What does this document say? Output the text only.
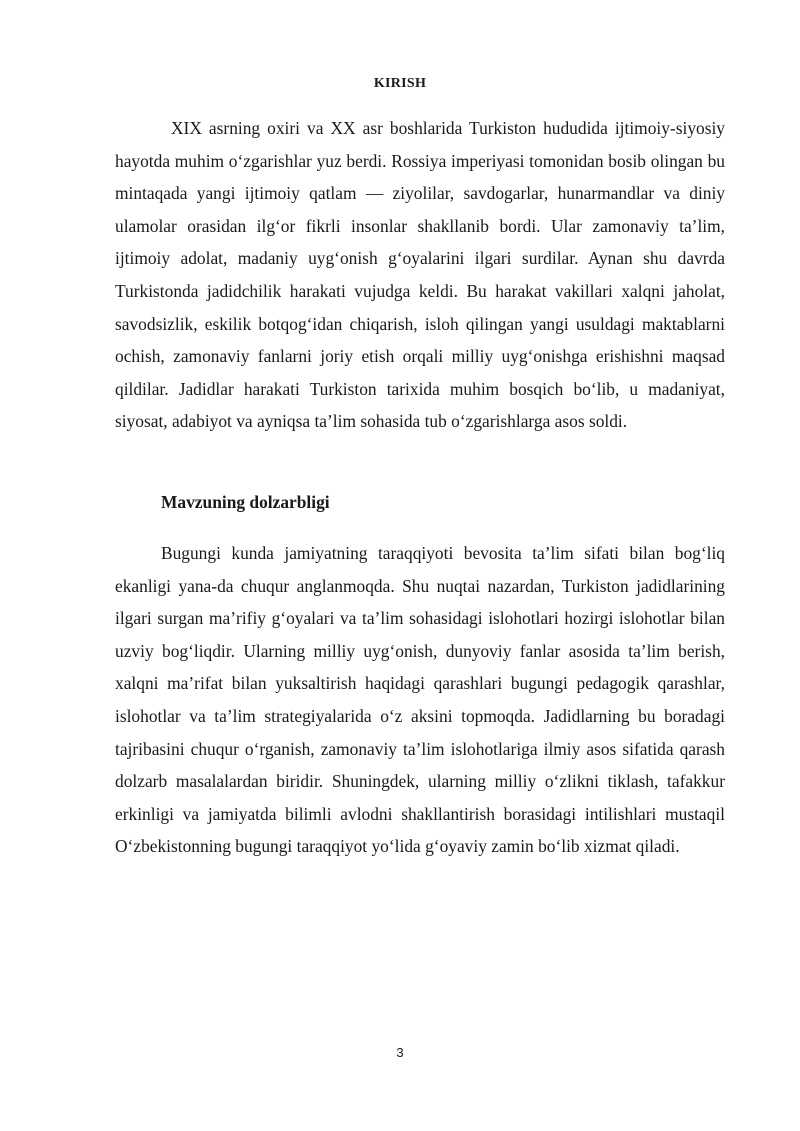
KIRISH

XIX asrning oxiri va XX asr boshlarida Turkiston hududida ijtimoiy-siyosiy hayotda muhim o‘zgarishlar yuz berdi. Rossiya imperiyasi tomonidan bosib olingan bu mintaqada yangi ijtimoiy qatlam — ziyolilar, savdogarlar, hunarmandlar va diniy ulamolar orasidan ilg‘or fikrli insonlar shakllanib bordi. Ular zamonaviy ta’lim, ijtimoiy adolat, madaniy uyg‘onish g‘oyalarini ilgari surdilar. Aynan shu davrda Turkistonda jadidchilik harakati vujudga keldi. Bu harakat vakillari xalqni jaholat, savodsizlik, eskilik botqog‘idan chiqarish, isloh qilingan yangi usuldagi maktablarni ochish, zamonaviy fanlarni joriy etish orqali milliy uyg‘onishga erishishni maqsad qildilar. Jadidlar harakati Turkiston tarixida muhim bosqich bo‘lib, u madaniyat, siyosat, adabiyot va ayniqsa ta’lim sohasida tub o‘zgarishlarga asos soldi.

Mavzuning dolzarbligi

Bugungi kunda jamiyatning taraqqiyoti bevosita ta’lim sifati bilan bog‘liq ekanligi yana-da chuqur anglanmoqda. Shu nuqtai nazardan, Turkiston jadidlarining ilgari surgan ma’rifiy g‘oyalari va ta’lim sohasidagi islohotlari hozirgi islohotlar bilan uzviy bog‘liqdir. Ularning milliy uyg‘onish, dunyoviy fanlar asosida ta’lim berish, xalqni ma’rifat bilan yuksaltirish haqidagi qarashlari bugungi pedagogik qarashlar, islohotlar va ta’lim strategiyalarida o‘z aksini topmoqda. Jadidlarning bu boradagi tajribasini chuqur o‘rganish, zamonaviy ta’lim islohotlariga ilmiy asos sifatida qarash dolzarb masalalardan biridir. Shuningdek, ularning milliy o‘zlikni tiklash, tafakkur erkinligi va jamiyatda bilimli avlodni shakllantirish borasidagi intilishlari mustaqil O‘zbekistonning bugungi taraqqiyot yo‘lida g‘oyaviy zamin bo‘lib xizmat qiladi.

3
